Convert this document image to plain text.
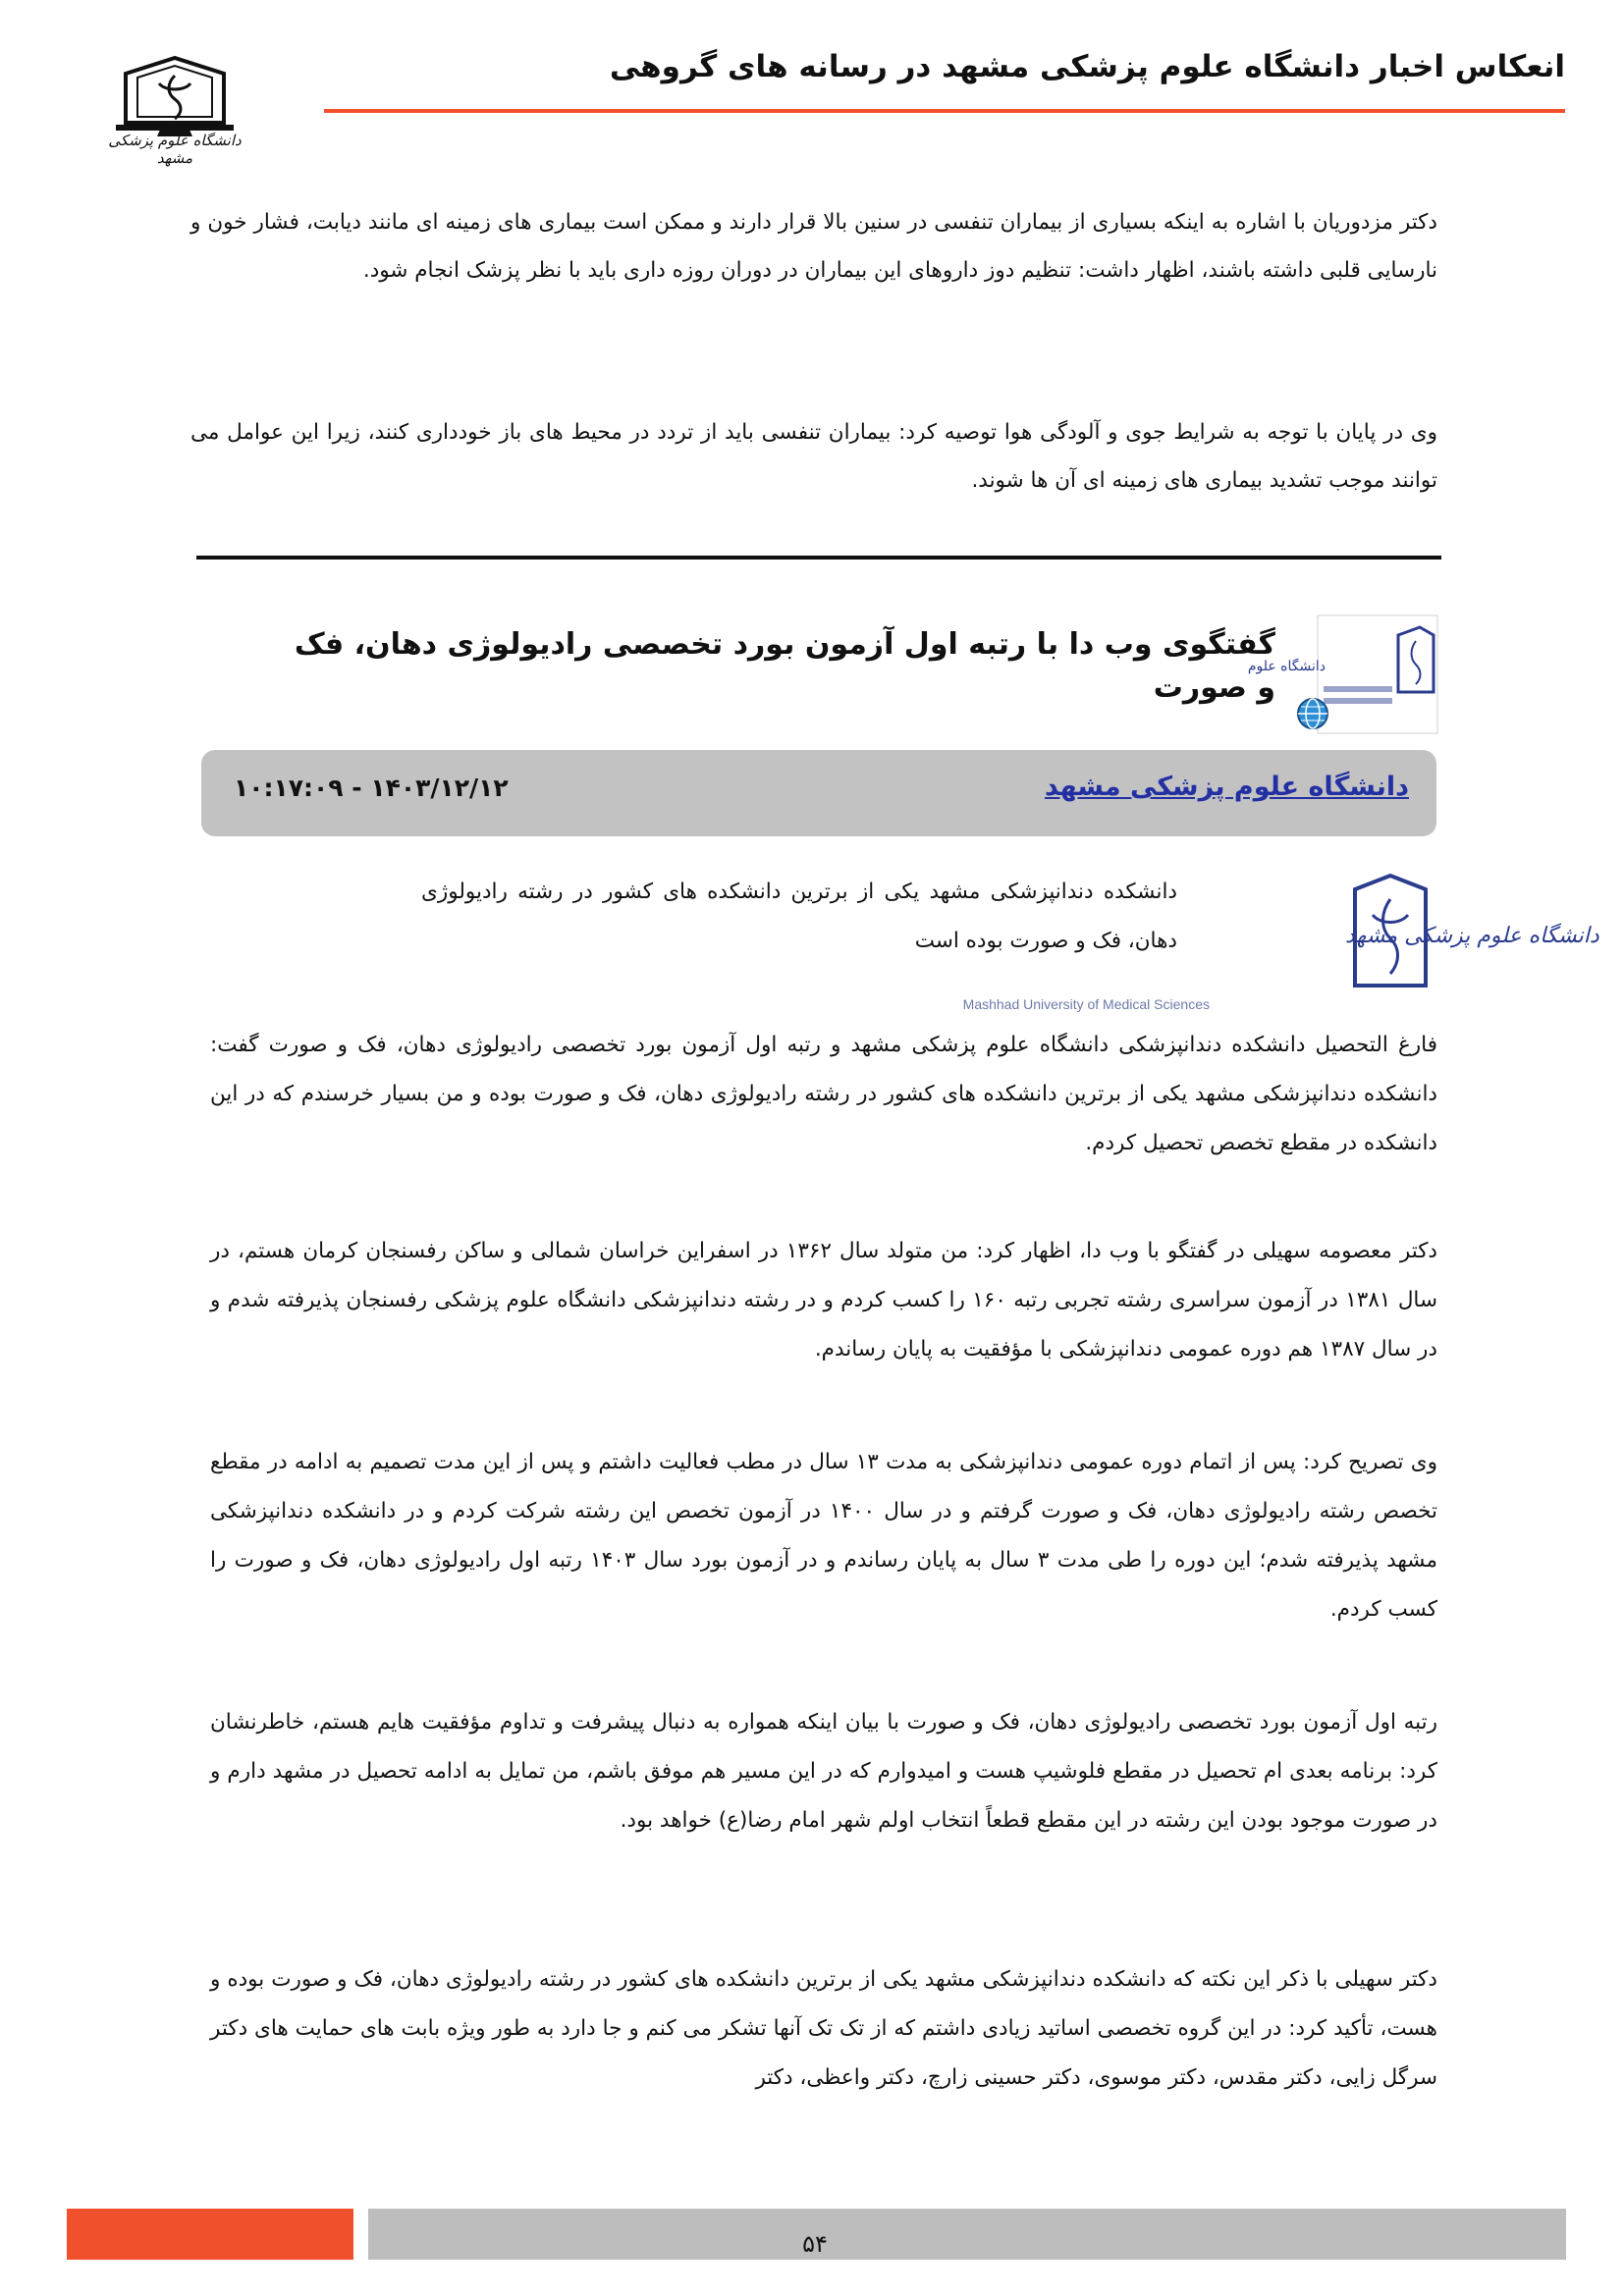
انعکاس اخبار دانشگاه علوم پزشکی مشهد در رسانه های گروهی
دانشگاه علوم پزشکی مشهد
دکتر مزدوریان با اشاره به اینکه بسیاری از بیماران تنفسی در سنین بالا قرار دارند و ممکن است بیماری های زمینه ای مانند دیابت، فشار خون و نارسایی قلبی داشته باشند، اظهار داشت: تنظیم دوز داروهای این بیماران در دوران روزه داری باید با نظر پزشک انجام شود.
وی در پایان با توجه به شرایط جوی و آلودگی هوا توصیه کرد: بیماران تنفسی باید از تردد در محیط های باز خودداری کنند، زیرا این عوامل می توانند موجب تشدید بیماری های زمینه ای آن ها شوند.
گفتگوی وب دا با رتبه اول آزمون بورد تخصصی رادیولوژی دهان، فک و صورت
دانشگاه علوم
دانشگاه علوم پزشکی مشهد
۱۴۰۳/۱۲/۱۲ - ۱۰:۱۷:۰۹
دانشگاه علوم پزشکی مشهد
Mashhad University of Medical Sciences
دانشکده دندانپزشکی مشهد یکی از برترین دانشکده های کشور در رشته رادیولوژی دهان، فک و صورت بوده است
فارغ التحصیل دانشکده دندانپزشکی دانشگاه علوم پزشکی مشهد و رتبه اول آزمون بورد تخصصی رادیولوژی دهان، فک و صورت گفت: دانشکده دندانپزشکی مشهد یکی از برترین دانشکده های کشور در رشته رادیولوژی دهان، فک و صورت بوده و من بسیار خرسندم که در این دانشکده در مقطع تخصص تحصیل کردم.
دکتر معصومه سهیلی در گفتگو با وب دا، اظهار کرد: من متولد سال ۱۳۶۲ در اسفراین خراسان شمالی و ساکن رفسنجان کرمان هستم، در سال ۱۳۸۱ در آزمون سراسری رشته تجربی رتبه ۱۶۰ را کسب کردم و در رشته دندانپزشکی دانشگاه علوم پزشکی رفسنجان پذیرفته شدم و در سال ۱۳۸۷ هم دوره عمومی دندانپزشکی با مؤفقیت به پایان رساندم.
وی تصریح کرد: پس از اتمام دوره عمومی دندانپزشکی به مدت ۱۳ سال در مطب فعالیت داشتم و پس از این مدت تصمیم به ادامه در مقطع تخصص رشته رادیولوژی دهان، فک و صورت گرفتم و در سال ۱۴۰۰ در آزمون تخصص این رشته شرکت کردم و در دانشکده دندانپزشکی مشهد پذیرفته شدم؛ این دوره را طی مدت ۳ سال به پایان رساندم و در آزمون بورد سال ۱۴۰۳ رتبه اول رادیولوژی دهان، فک و صورت را کسب کردم.
رتبه اول آزمون بورد تخصصی رادیولوژی دهان، فک و صورت با بیان اینکه همواره به دنبال پیشرفت و تداوم مؤفقیت هایم هستم، خاطرنشان کرد: برنامه بعدی ام تحصیل در مقطع فلوشیپ هست و امیدوارم که در این مسیر هم موفق باشم، من تمایل به ادامه تحصیل در مشهد دارم و در صورت موجود بودن این رشته در این مقطع قطعاً انتخاب اولم شهر امام رضا(ع) خواهد بود.
دکتر سهیلی با ذکر این نکته که دانشکده دندانپزشکی مشهد یکی از برترین دانشکده های کشور در رشته رادیولوژی دهان، فک و صورت بوده و هست، تأکید کرد: در این گروه تخصصی اساتید زیادی داشتم که از تک تک آنها تشکر می کنم و جا دارد به طور ویژه بابت های حمایت های دکتر سرگل زایی، دکتر مقدس، دکتر موسوی، دکتر حسینی زارچ، دکتر واعظی، دکتر
۵۴
